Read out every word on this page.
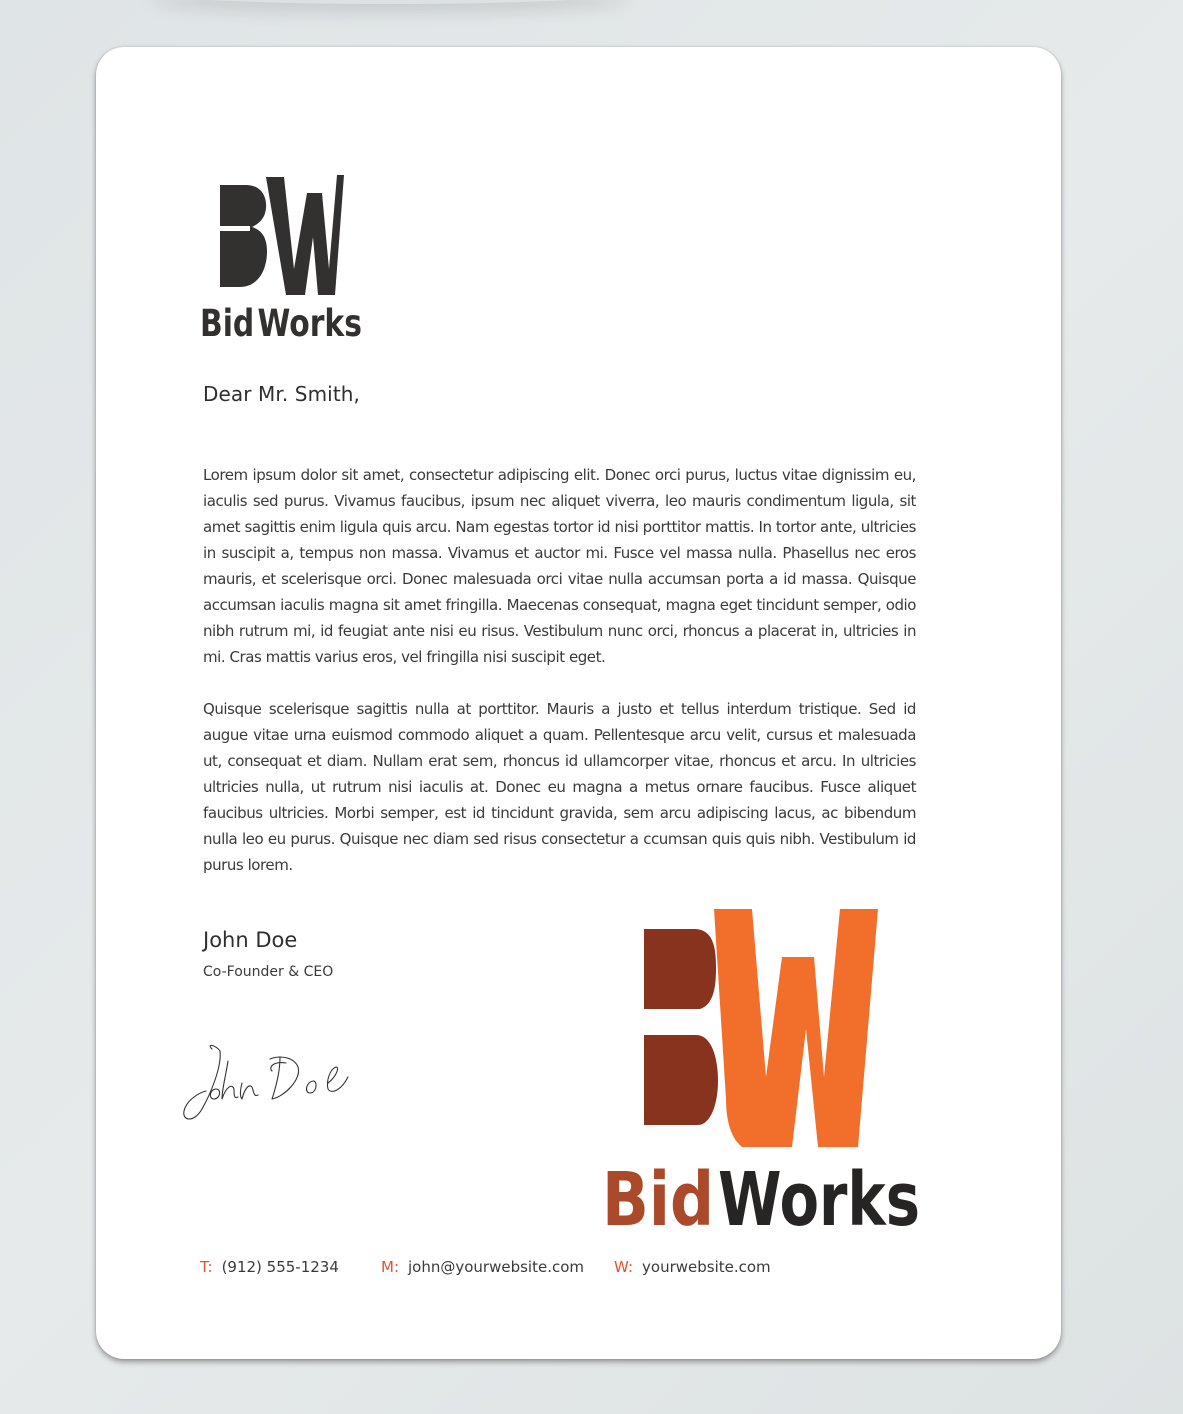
BidWorks
Dear Mr. Smith,

Lorem ipsum dolor sit amet, consectetur adipiscing elit. Donec orci purus, luctus vitae dignissim eu, iaculis sed purus. Vivamus faucibus, ipsum nec aliquet viverra, leo mauris condimentum ligula, sit amet sagittis enim ligula quis arcu. Nam egestas tortor id nisi porttitor mattis. In tortor ante, ultricies in suscipit a, tempus non massa. Vivamus et auctor mi. Fusce vel massa nulla. Phasellus nec eros mauris, et scelerisque orci. Donec malesuada orci vitae nulla accumsan porta a id massa. Quisque accumsan iaculis magna sit amet fringilla. Maecenas consequat, magna eget tincidunt semper, odio nibh rutrum mi, id feugiat ante nisi eu risus. Vestibulum nunc orci, rhoncus a placerat in, ultricies in mi. Cras mattis varius eros, vel fringilla nisi suscipit eget.

Quisque scelerisque sagittis nulla at porttitor. Mauris a justo et tellus interdum tristique. Sed id augue vitae urna euismod commodo aliquet a quam. Pellentesque arcu velit, cursus et malesuada ut, consequat et diam. Nullam erat sem, rhoncus id ullamcorper vitae, rhoncus et arcu. In ultricies ultricies nulla, ut rutrum nisi iaculis at. Donec eu magna a metus ornare faucibus. Fusce aliquet faucibus ultricies. Morbi semper, est id tincidunt gravida, sem arcu adipiscing lacus, ac bibendum nulla leo eu purus. Quisque nec diam sed risus consectetur a ccumsan quis quis nibh. Vestibulum id purus lorem.

John Doe
Co-Founder & CEO
Bid Works
T: (912) 555-1234	M: john@yourwebsite.com W: yourwebsite.com
